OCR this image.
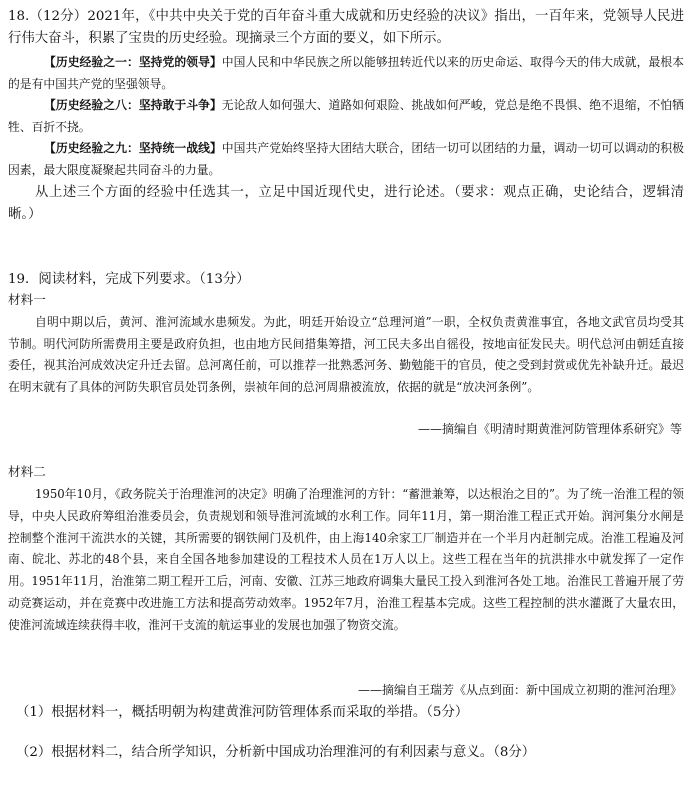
18.（12分）2021年，《中共中央关于党的百年奋斗重大成就和历史经验的决议》指出，一百年来，党领导人民进行伟大奋斗，积累了宝贵的历史经验。现摘录三个方面的要义，如下所示。

【历史经验之一：坚持党的领导】中国人民和中华民族之所以能够扭转近代以来的历史命运、取得今天的伟大成就，最根本的是有中国共产党的坚强领导。

【历史经验之八：坚持敢于斗争】无论敌人如何强大、道路如何艰险、挑战如何严峻，党总是绝不畏惧、绝不退缩，不怕牺牲、百折不挠。

【历史经验之九：坚持统一战线】中国共产党始终坚持大团结大联合，团结一切可以团结的力量，调动一切可以调动的积极因素，最大限度凝聚起共同奋斗的力量。

从上述三个方面的经验中任选其一，立足中国近现代史，进行论述。（要求：观点正确，史论结合，逻辑清晰。）

19．阅读材料，完成下列要求。（13分）

材料一

自明中期以后，黄河、淮河流域水患频发。为此，明廷开始设立“总理河道”一职，全权负责黄淮事宜，各地文武官员均受其节制。明代河防所需费用主要是政府负担，也由地方民间措集筹措，河工民夫多出自徭役，按地亩征发民夫。明代总河由朝廷直接委任，视其治河成效决定升迁去留。总河离任前，可以推荐一批熟悉河务、勤勉能干的官员，使之受到封赏或优先补缺升迁。最迟在明末就有了具体的河防失职官员处罚条例，崇祯年间的总河周鼎被流放，依据的就是“放决河条例”。

——摘编自《明清时期黄淮河防管理体系研究》等

材料二

1950年10月，《政务院关于治理淮河的决定》明确了治理淮河的方针：“蓄泄兼筹，以达根治之目的”。为了统一治淮工程的领导，中央人民政府筹组治淮委员会，负责规划和领导淮河流域的水利工作。同年11月，第一期治淮工程正式开始。润河集分水闸是控制整个淮河干流洪水的关键，其所需要的钢铁闸门及机件，由上海140余家工厂制造并在一个半月内赶制完成。治淮工程遍及河南、皖北、苏北的48个县，来自全国各地参加建设的工程技术人员在1万人以上。这些工程在当年的抗洪排水中就发挥了一定作用。1951年11月，治淮第二期工程开工后，河南、安徽、江苏三地政府调集大量民工投入到淮河各处工地。治淮民工普遍开展了劳动竞赛运动，并在竞赛中改进施工方法和提高劳动效率。1952年7月，治淮工程基本完成。这些工程控制的洪水灌溉了大量农田，使淮河流域连续获得丰收，淮河干支流的航运事业的发展也加强了物资交流。

——摘编自王瑞芳《从点到面：新中国成立初期的淮河治理》

（1）根据材料一，概括明朝为构建黄淮河防管理体系而采取的举措。（5分）

（2）根据材料二，结合所学知识，分析新中国成功治理淮河的有利因素与意义。（8分）
